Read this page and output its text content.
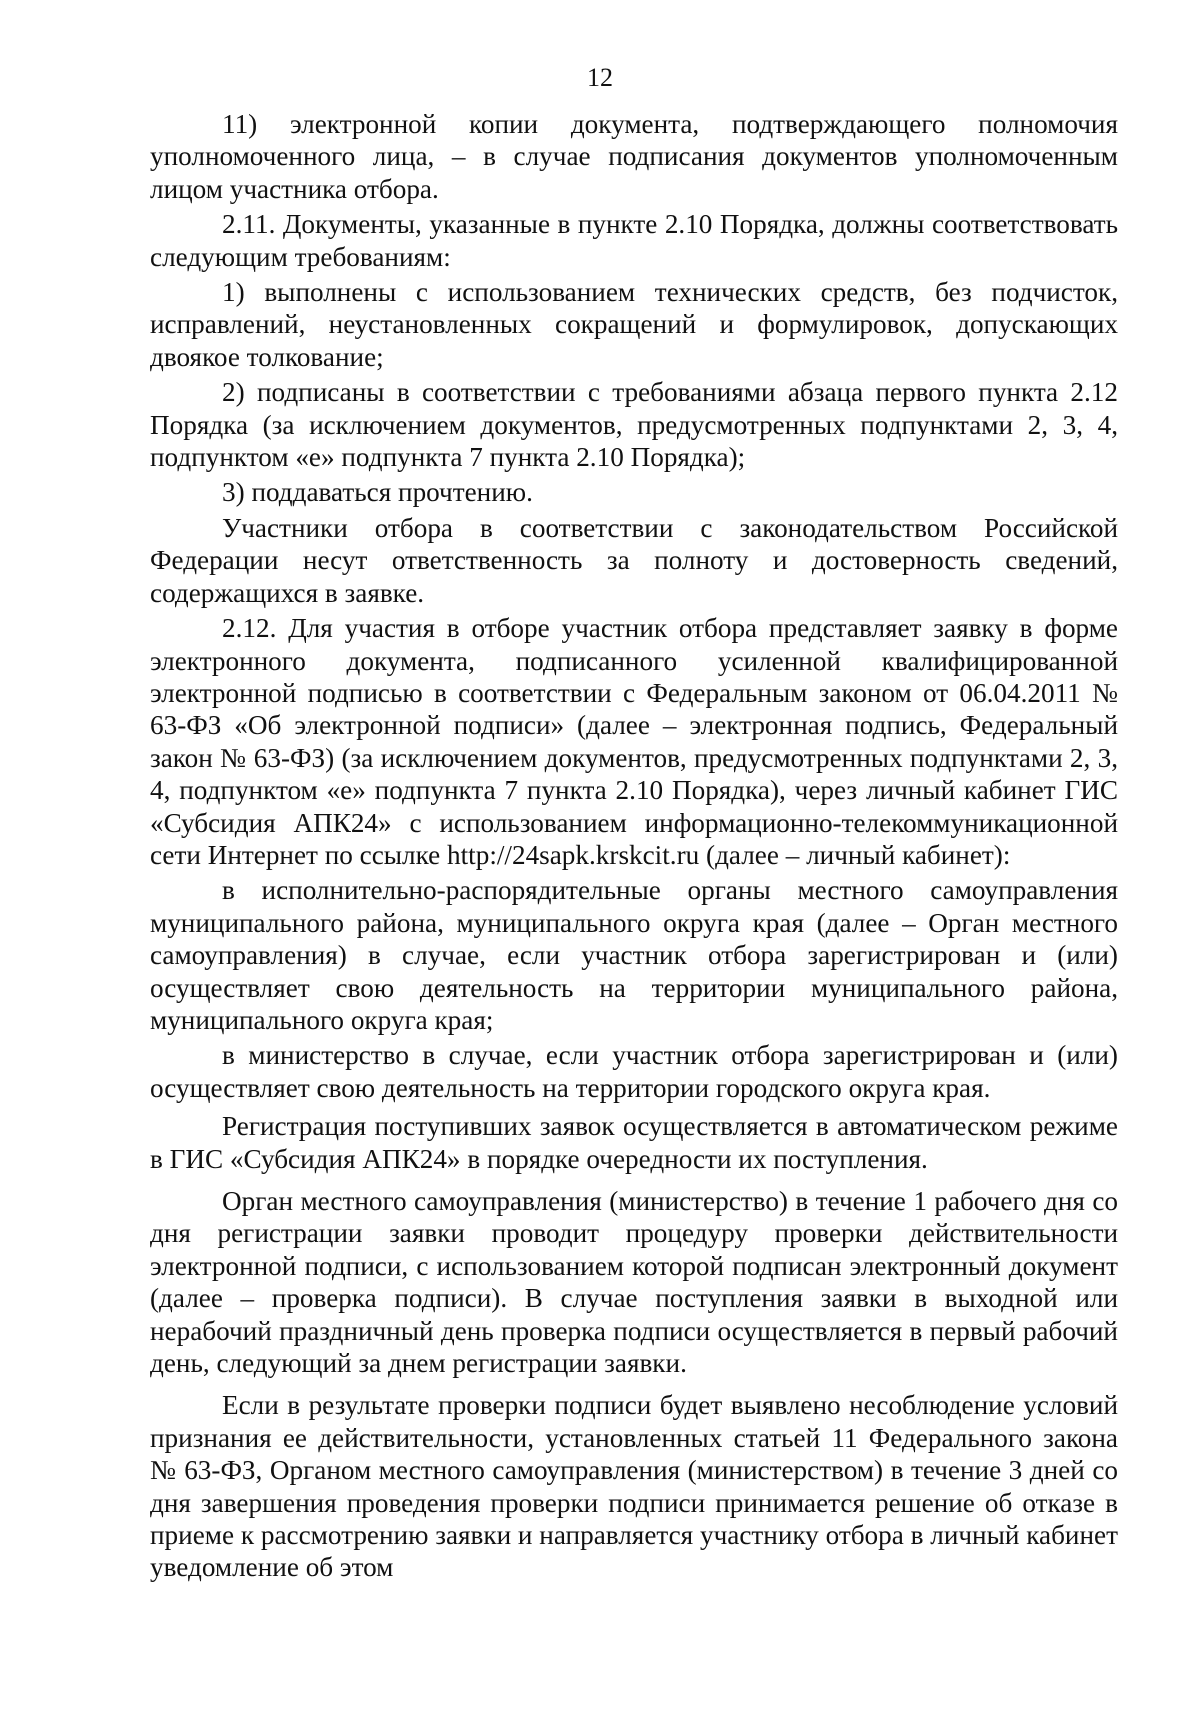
12

11) электронной копии документа, подтверждающего полномочия уполномоченного лица, – в случае подписания документов уполномоченным лицом участника отбора.

2.11. Документы, указанные в пункте 2.10 Порядка, должны соответствовать следующим требованиям:

1) выполнены с использованием технических средств, без подчисток, исправлений, неустановленных сокращений и формулировок, допускающих двоякое толкование;

2) подписаны в соответствии с требованиями абзаца первого пункта 2.12 Порядка (за исключением документов, предусмотренных подпунктами 2, 3, 4, подпунктом «е» подпункта 7 пункта 2.10 Порядка);

3) поддаваться прочтению.

Участники отбора в соответствии с законодательством Российской Федерации несут ответственность за полноту и достоверность сведений, содержащихся в заявке.

2.12. Для участия в отборе участник отбора представляет заявку в форме электронного документа, подписанного усиленной квалифицированной электронной подписью в соответствии с Федеральным законом от 06.04.2011 № 63-ФЗ «Об электронной подписи» (далее – электронная подпись, Федеральный закон № 63-ФЗ) (за исключением документов, предусмотренных подпунктами 2, 3, 4, подпунктом «е» подпункта 7 пункта 2.10 Порядка), через личный кабинет ГИС «Субсидия АПК24» с использованием информационно-телекоммуникационной сети Интернет по ссылке http://24sapk.krskcit.ru (далее – личный кабинет):

в исполнительно-распорядительные органы местного самоуправления муниципального района, муниципального округа края (далее – Орган местного самоуправления) в случае, если участник отбора зарегистрирован и (или) осуществляет свою деятельность на территории муниципального района, муниципального округа края;

в министерство в случае, если участник отбора зарегистрирован и (или) осуществляет свою деятельность на территории городского округа края.

Регистрация поступивших заявок осуществляется в автоматическом режиме в ГИС «Субсидия АПК24» в порядке очередности их поступления.

Орган местного самоуправления (министерство) в течение 1 рабочего дня со дня регистрации заявки проводит процедуру проверки действительности электронной подписи, с использованием которой подписан электронный документ (далее – проверка подписи). В случае поступления заявки в выходной или нерабочий праздничный день проверка подписи осуществляется в первый рабочий день, следующий за днем регистрации заявки.

Если в результате проверки подписи будет выявлено несоблюдение условий признания ее действительности, установленных статьей 11 Федерального закона № 63-ФЗ, Органом местного самоуправления (министерством) в течение 3 дней со дня завершения проведения проверки подписи принимается решение об отказе в приеме к рассмотрению заявки и направляется участнику отбора в личный кабинет уведомление об этом
